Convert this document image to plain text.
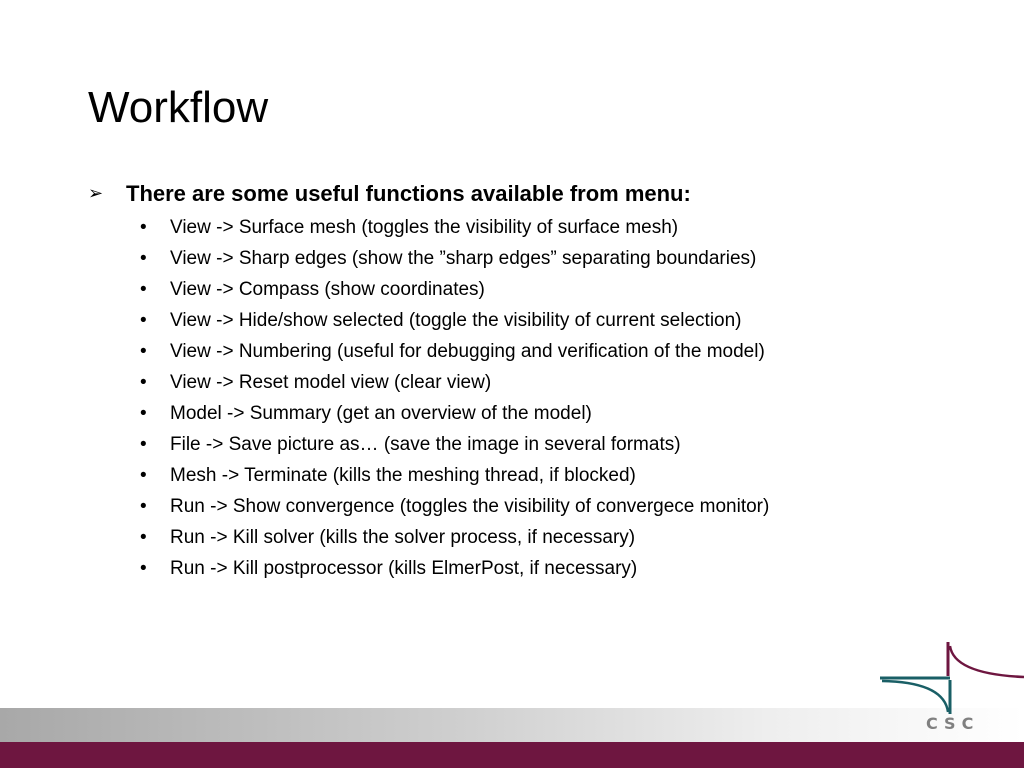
Workflow
➢ There are some useful functions available from menu:
• View -> Surface mesh (toggles the visibility of surface mesh)
• View -> Sharp edges (show the ”sharp edges” separating boundaries)
• View -> Compass (show coordinates)
• View -> Hide/show selected (toggle the visibility of current selection)
• View -> Numbering (useful for debugging and verification of the model)
• View -> Reset model view (clear view)
• Model -> Summary (get an overview of the model)
• File -> Save picture as… (save the image in several formats)
• Mesh -> Terminate (kills the meshing thread, if blocked)
• Run -> Show convergence (toggles the visibility of convergece monitor)
• Run -> Kill solver (kills the solver process, if necessary)
• Run -> Kill postprocessor (kills ElmerPost, if necessary)
CSC
